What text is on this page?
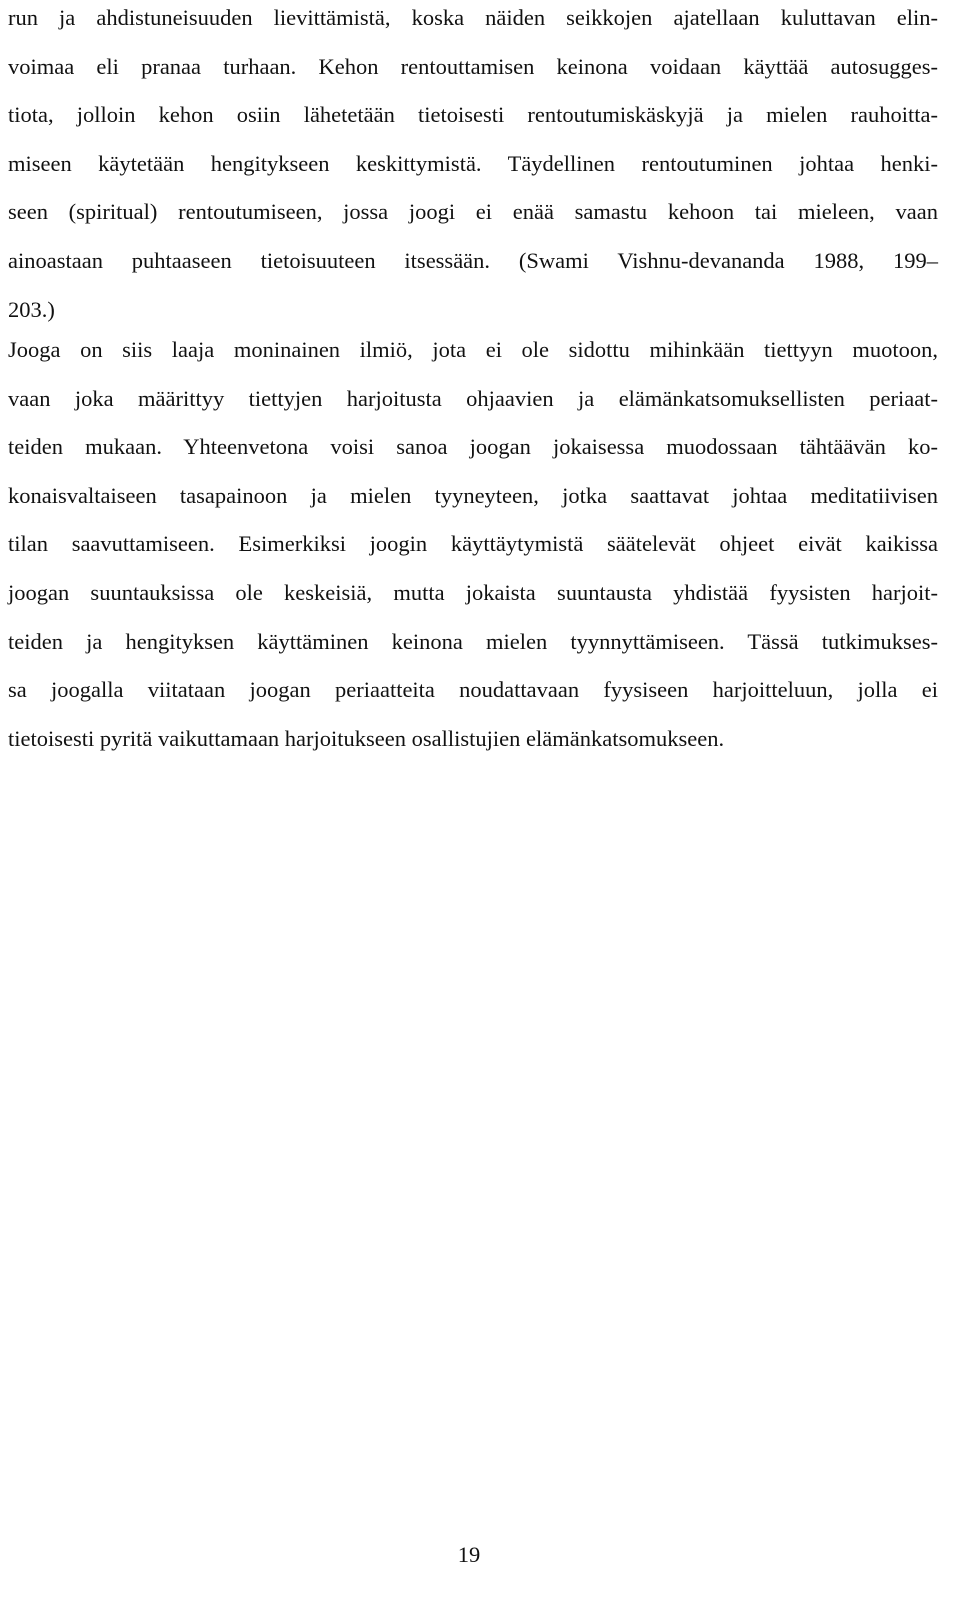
run ja ahdistuneisuuden lievittämistä, koska näiden seikkojen ajatellaan kuluttavan elin-
voimaa eli pranaa turhaan. Kehon rentouttamisen keinona voidaan käyttää autosugges-
tiota, jolloin kehon osiin lähetetään tietoisesti rentoutumiskäskyjä ja mielen rauhoitta-
miseen käytetään hengitykseen keskittymistä. Täydellinen rentoutuminen johtaa henki-
seen (spiritual) rentoutumiseen, jossa joogi ei enää samastu kehoon tai mieleen, vaan
ainoastaan puhtaaseen tietoisuuteen itsessään. (Swami Vishnu-devananda 1988, 199–
203.)
Jooga on siis laaja moninainen ilmiö, jota ei ole sidottu mihinkään tiettyyn muotoon,
vaan joka määrittyy tiettyjen harjoitusta ohjaavien ja elämänkatsomuksellisten periaat-
teiden mukaan. Yhteenvetona voisi sanoa joogan jokaisessa muodossaan tähtäävän ko-
konaisvaltaiseen tasapainoon ja mielen tyyneyteen, jotka saattavat johtaa meditatiivisen
tilan saavuttamiseen. Esimerkiksi joogin käyttäytymistä säätelevät ohjeet eivät kaikissa
joogan suuntauksissa ole keskeisiä, mutta jokaista suuntausta yhdistää fyysisten harjoit-
teiden ja hengityksen käyttäminen keinona mielen tyynnyttämiseen. Tässä tutkimukses-
sa joogalla viitataan joogan periaatteita noudattavaan fyysiseen harjoitteluun, jolla ei
tietoisesti pyritä vaikuttamaan harjoitukseen osallistujien elämänkatsomukseen.
19
